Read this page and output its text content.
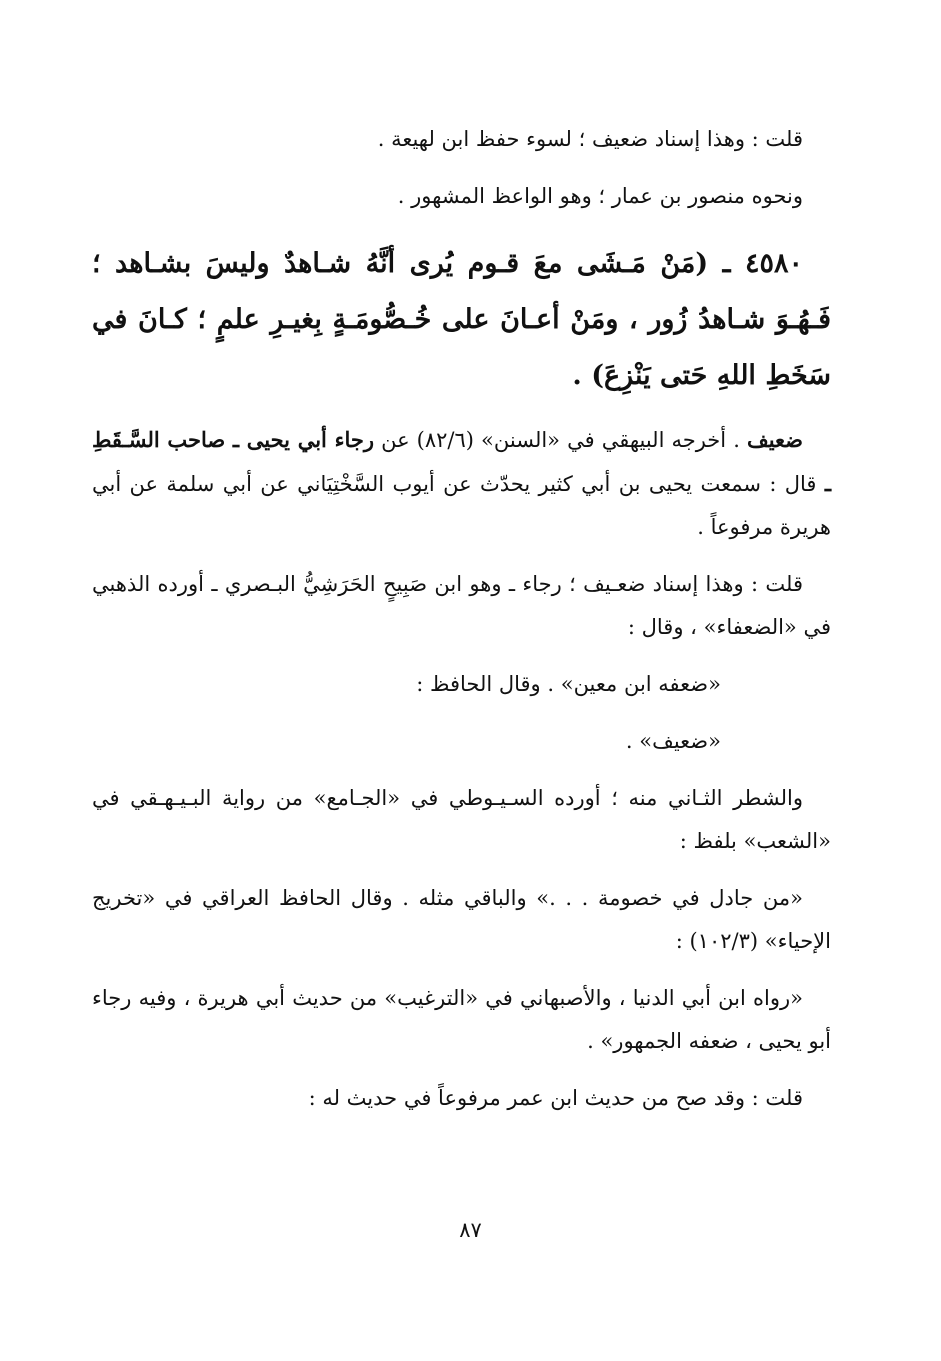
قلت : وهذا إسناد ضعيف ؛ لسوء حفظ ابن لهيعة .

ونحوه منصور بن عمار ؛ وهو الواعظ المشهور .

٤٥٨٠ ـ (مَنْ مَـشَى معَ قـوم يُرى أنَّهُ شـاهدٌ وليسَ بشـاهد ؛ فَـهُـوَ شـاهدُ زُور ، ومَنْ أعـانَ على خُـصُّومَـةٍ بِغيـرِ علمٍ ؛ كـانَ في سَخَطِ اللهِ حَتى يَنْزِعَ) .

ضعيف . أخرجه البيهقي في «السنن» (٨٢/٦) عن رجاء أبي يحيى ـ صاحب السَّـقَطِ ـ قال : سمعت يحيى بن أبي كثير يحدّث عن أيوب السَّخْتِيَاني عن أبي سلمة عن أبي هريرة مرفوعاً .

قلت : وهذا إسناد ضعـيف ؛ رجاء ـ وهو ابن صَبِيحٍ الحَرَشِيُّ البـصري ـ أورده الذهبي في «الضعفاء» ، وقال :

«ضعفه ابن معين» . وقال الحافظ :

«ضعيف» .

والشطر الثـاني منه ؛ أورده السـيـوطي في «الجـامع» من رواية البـيـهـقي في «الشعب» بلفظ :

«من جادل في خصومة . . .» والباقي مثله . وقال الحافظ العراقي في «تخريج الإحياء» (١٠٢/٣) :

«رواه ابن أبي الدنيا ، والأصبهاني في «الترغيب» من حديث أبي هريرة ، وفيه رجاء أبو يحيى ، ضعفه الجمهور» .

قلت : وقد صح من حديث ابن عمر مرفوعاً في حديث له :

٨٧
